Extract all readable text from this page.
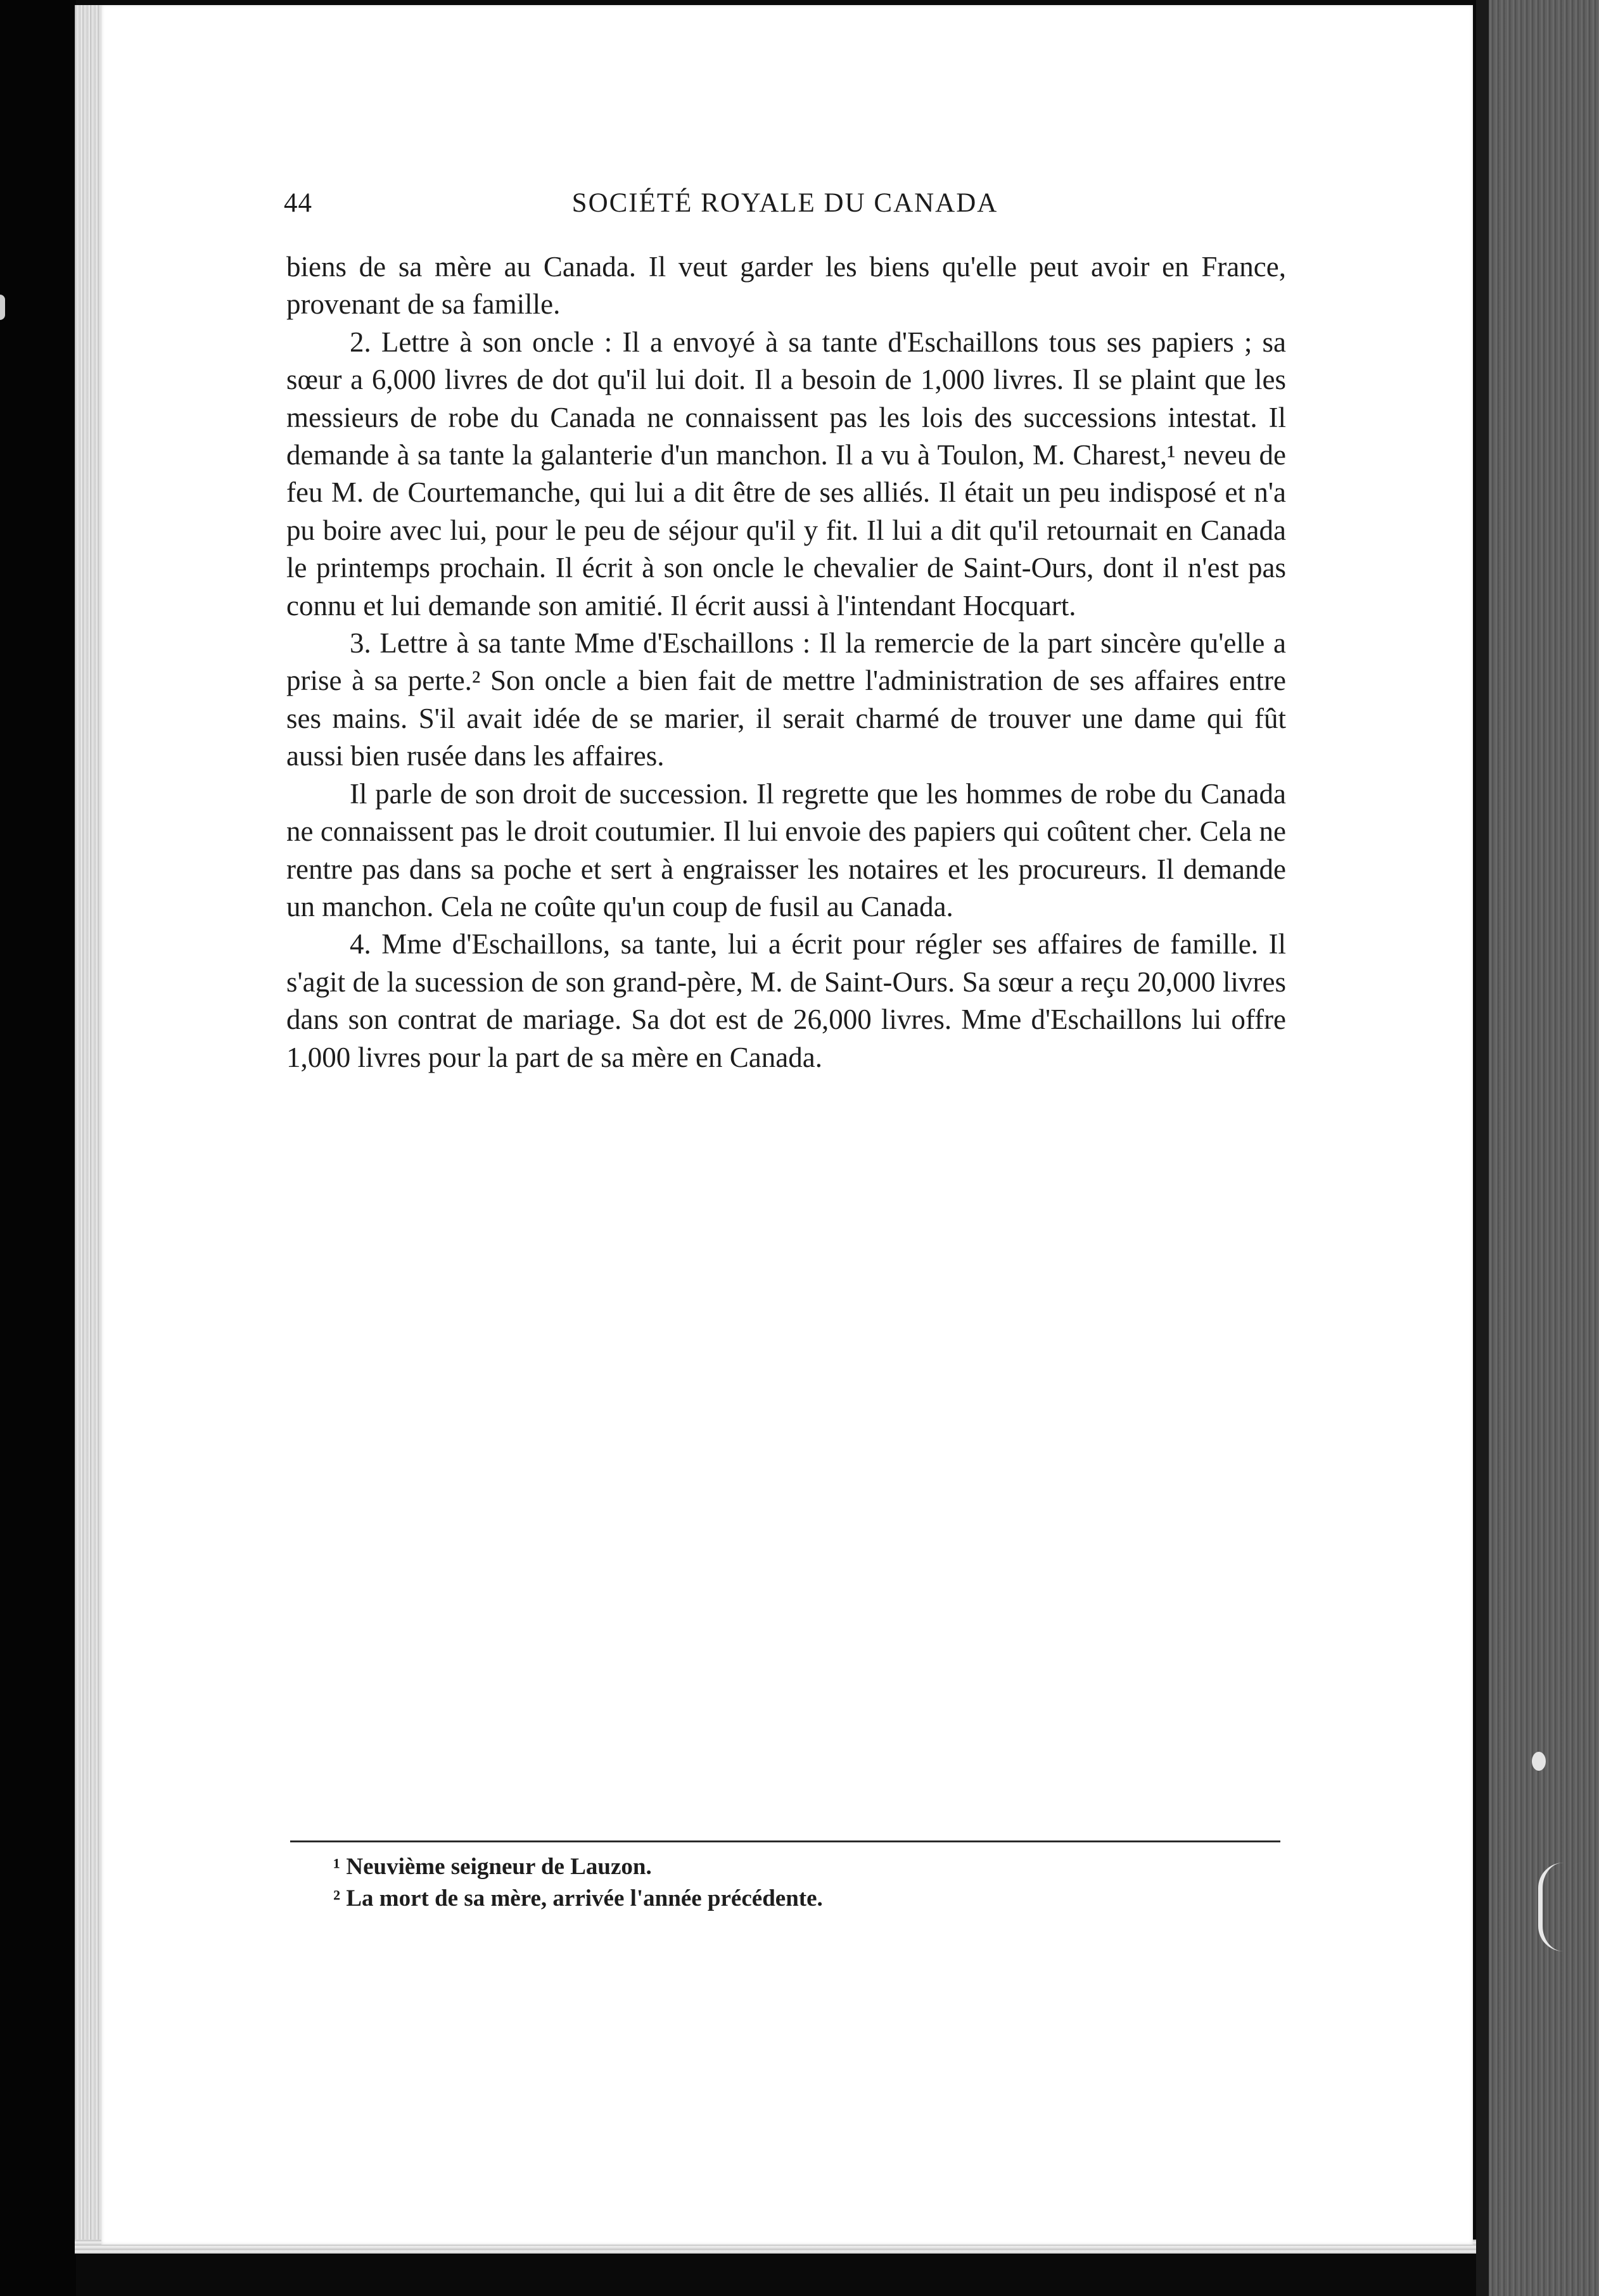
44	SOCIÉTÉ ROYALE DU CANADA

biens de sa mère au Canada. Il veut garder les biens qu'elle peut avoir en France, provenant de sa famille.

2. Lettre à son oncle : Il a envoyé à sa tante d'Eschaillons tous ses papiers ; sa sœur a 6,000 livres de dot qu'il lui doit. Il a besoin de 1,000 livres. Il se plaint que les messieurs de robe du Canada ne connaissent pas les lois des successions intestat. Il demande à sa tante la galanterie d'un manchon. Il a vu à Toulon, M. Charest,¹ neveu de feu M. de Courtemanche, qui lui a dit être de ses alliés. Il était un peu indisposé et n'a pu boire avec lui, pour le peu de séjour qu'il y fit. Il lui a dit qu'il retournait en Canada le printemps prochain. Il écrit à son oncle le chevalier de Saint-Ours, dont il n'est pas connu et lui demande son amitié. Il écrit aussi à l'intendant Hocquart.

3. Lettre à sa tante Mme d'Eschaillons : Il la remercie de la part sincère qu'elle a prise à sa perte.² Son oncle a bien fait de mettre l'administration de ses affaires entre ses mains. S'il avait idée de se marier, il serait charmé de trouver une dame qui fût aussi bien rusée dans les affaires.

Il parle de son droit de succession. Il regrette que les hommes de robe du Canada ne connaissent pas le droit coutumier. Il lui envoie des papiers qui coûtent cher. Cela ne rentre pas dans sa poche et sert à engraisser les notaires et les procureurs. Il demande un manchon. Cela ne coûte qu'un coup de fusil au Canada.

4. Mme d'Eschaillons, sa tante, lui a écrit pour régler ses affaires de famille. Il s'agit de la sucession de son grand-père, M. de Saint-Ours. Sa sœur a reçu 20,000 livres dans son contrat de mariage. Sa dot est de 26,000 livres. Mme d'Eschaillons lui offre 1,000 livres pour la part de sa mère en Canada.

¹ Neuvième seigneur de Lauzon.
² La mort de sa mère, arrivée l'année précédente.
